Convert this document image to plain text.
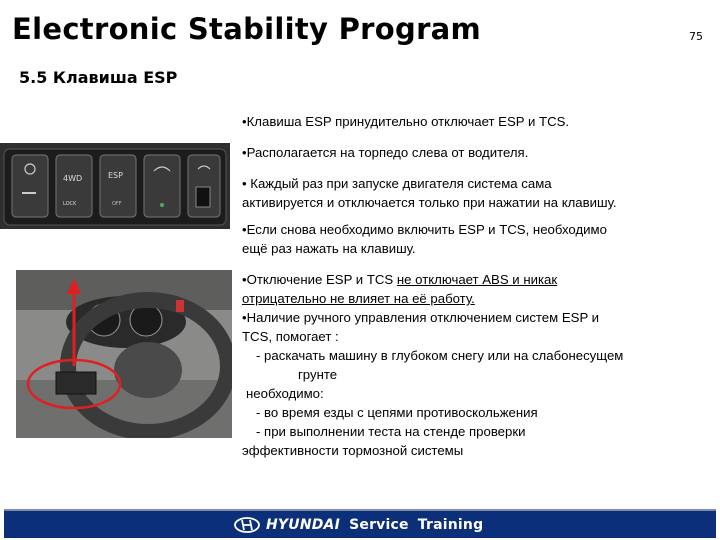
Electronic Stability Program	75
5.5 Клавиша ESP
4WD
LOCK
ESP
OFF

•Клавиша ESP принудительно отключает ESP и TCS.

•Располагается на торпедо слева от водителя.

• Каждый раз при запуске двигателя система сама

активируется и отключается только при нажатии на клавишу.

•Если снова необходимо включить ESP и TCS, необходимо

ещё раз нажать на клавишу.

•Отключение ESP и TCS не отключает ABS и никак

отрицательно не влияет на её работу.

•Наличие ручного управления отключением систем ESP и

TCS, помогает :

- раскачать машину в глубоком снегу или на слабонесущем

грунте

необходимо:

- во время езды с цепями противоскольжения

- при выполнении теста на стенде проверки

эффективности тормозной системы

HYUNDAI Service Training
